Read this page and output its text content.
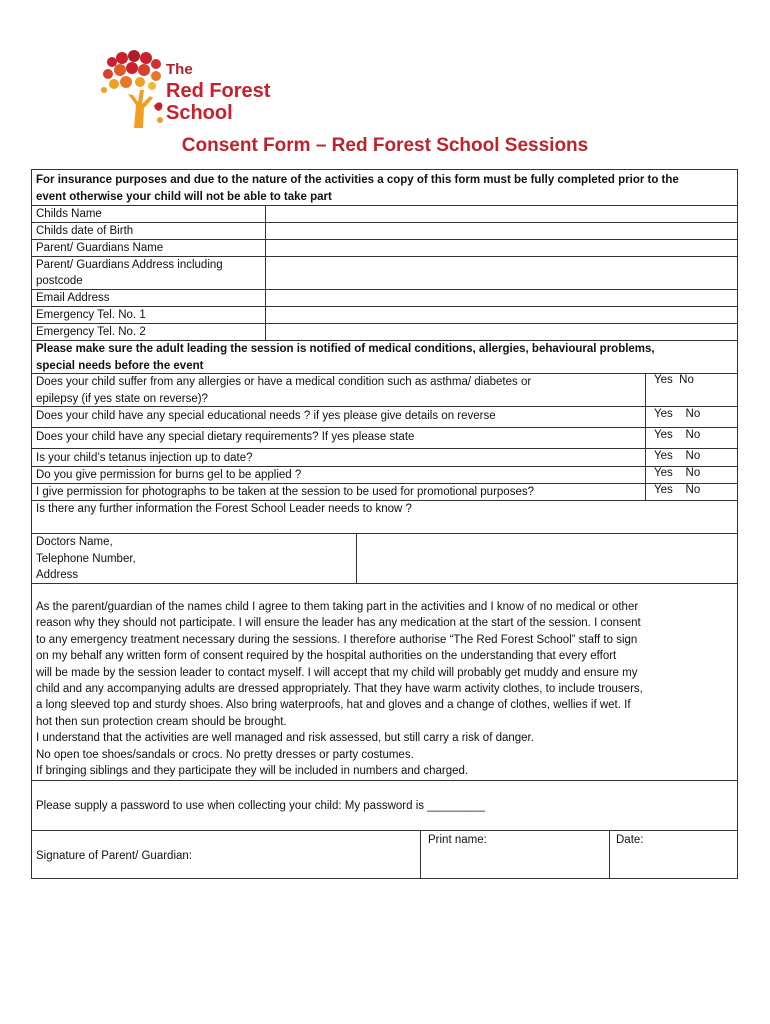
The
Red Forest
School
Consent Form – Red Forest School Sessions
For insurance purposes and due to the nature of the activities a copy of this form must be fully completed prior to the
event otherwise your child will not be able to take part
Childs Name
Childs date of Birth
Parent/ Guardians Name
Parent/ Guardians Address including
postcode
Email Address
Emergency Tel. No. 1
Emergency Tel. No. 2
Please make sure the adult leading the session is notified of medical conditions, allergies, behavioural problems,
special needs before the event
Does your child suffer from any allergies or have a medical condition such as asthma/ diabetes or
epilepsy (if yes state on reverse)?
Yes  No
Does your child have any special educational needs ? if yes please give details on reverse	Yes    No
Does your child have any special dietary requirements? If yes please state	Yes    No
Is your child’s tetanus injection up to date?	Yes    No
Do you give permission for burns gel to be applied ?	Yes    No
I give permission for photographs to be taken at the session to be used for promotional purposes?	Yes    No
Is there any further information the Forest School Leader needs to know ?
Doctors Name,
Telephone Number,
Address
As the parent/guardian of the names child I agree to them taking part in the activities and I know of no medical or other
reason why they should not participate. I will ensure the leader has any medication at the start of the session. I consent
to any emergency treatment necessary during the sessions. I therefore authorise “The Red Forest School” staff to sign
on my behalf any written form of consent required by the hospital authorities on the understanding that every effort
will be made by the session leader to contact myself. I will accept that my child will probably get muddy and ensure my
child and any accompanying adults are dressed appropriately. That they have warm activity clothes, to include trousers,
a long sleeved top and sturdy shoes. Also bring waterproofs, hat and gloves and a change of clothes, wellies if wet. If
hot then sun protection cream should be brought.
I understand that the activities are well managed and risk assessed, but still carry a risk of danger.
No open toe shoes/sandals or crocs. No pretty dresses or party costumes.
If bringing siblings and they participate they will be included in numbers and charged.
Please supply a password to use when collecting your child: My password is _________
Signature of Parent/ Guardian:
Print name:	Date:
